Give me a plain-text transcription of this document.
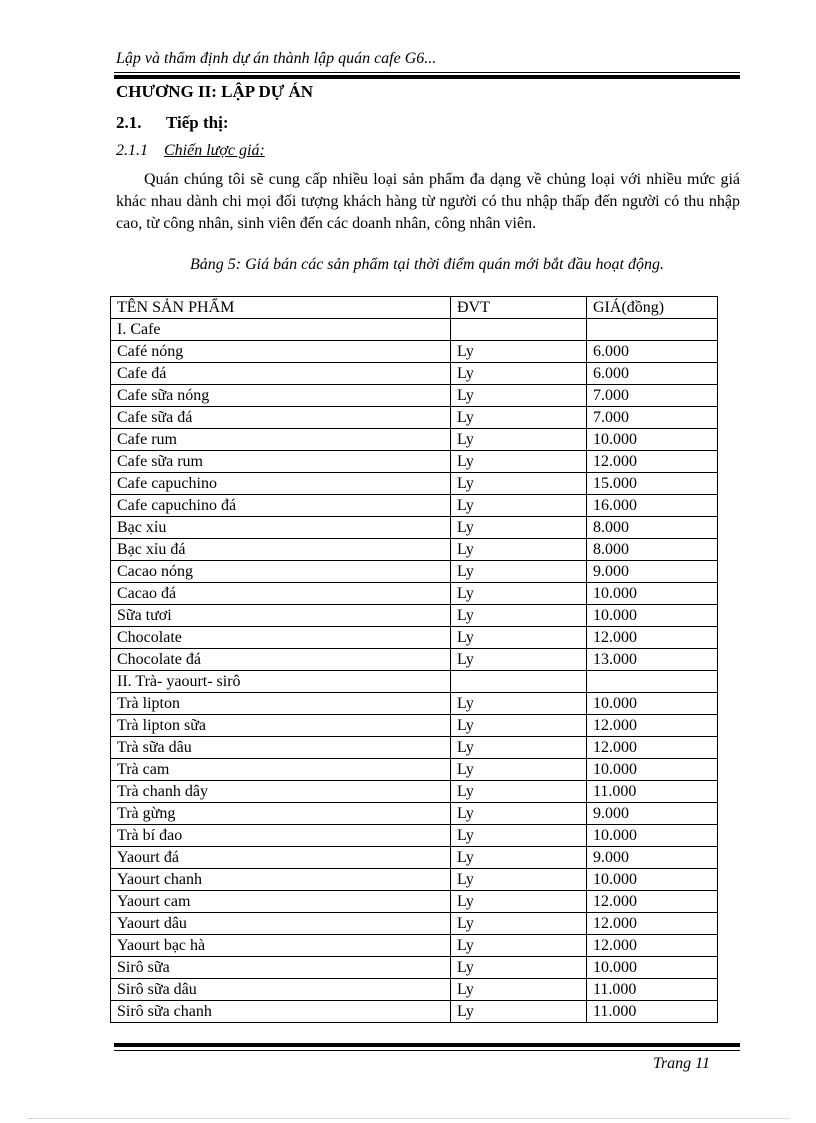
Lập và thẩm định dự án thành lập quán cafe G6...
CHƯƠNG II: LẬP DỰ ÁN
2.1. Tiếp thị:
2.1.1 Chiến lược giá:

Quán chúng tôi sẽ cung cấp nhiều loại sản phẩm đa dạng về chủng loại với nhiều mức giá khác nhau dành chi mọi đối tượng khách hàng từ người có thu nhập thấp đến người có thu nhập cao, từ công nhân, sinh viên đến các doanh nhân, công nhân viên.

Bảng 5: Giá bán các sản phẩm tại thời điểm quán mới bắt đầu hoạt động.

TÊN SẢN PHẨM	ĐVT	GIÁ(đồng)
I. Cafe		
Café nóng	Ly	6.000
Cafe đá	Ly	6.000
Cafe sữa nóng	Ly	7.000
Cafe sữa đá	Ly	7.000
Cafe rum	Ly	10.000
Cafe sữa rum	Ly	12.000
Cafe capuchino	Ly	15.000
Cafe capuchino đá	Ly	16.000
Bạc xỉu	Ly	8.000
Bạc xỉu đá	Ly	8.000
Cacao nóng	Ly	9.000
Cacao đá	Ly	10.000
Sữa tươi	Ly	10.000
Chocolate	Ly	12.000
Chocolate đá	Ly	13.000
II. Trà- yaourt- sirô		
Trà lipton	Ly	10.000
Trà lipton sữa	Ly	12.000
Trà sữa dâu	Ly	12.000
Trà cam	Ly	10.000
Trà chanh dây	Ly	11.000
Trà gừng	Ly	9.000
Trà bí đao	Ly	10.000
Yaourt đá	Ly	9.000
Yaourt chanh	Ly	10.000
Yaourt cam	Ly	12.000
Yaourt dâu	Ly	12.000
Yaourt bạc hà	Ly	12.000
Sirô sữa	Ly	10.000
Sirô sữa dâu	Ly	11.000
Sirô sữa chanh	Ly	11.000
Trang 11
